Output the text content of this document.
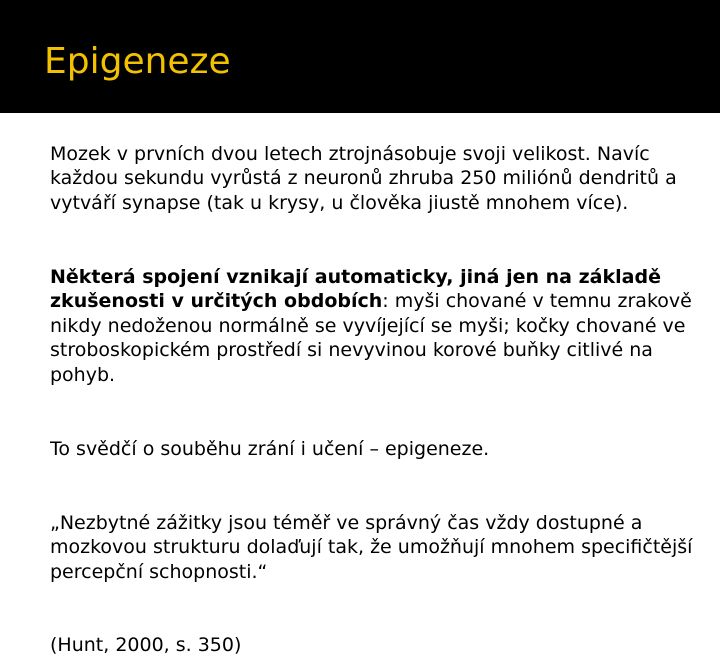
Epigeneze

Mozek v prvních dvou letech ztrojnásobuje svoji velikost. Navíc každou sekundu vyrůstá z neuronů zhruba 250 miliónů dendritů a vytváří synapse (tak u krysy, u člověka jiustě mnohem více).

Některá spojení vznikají automaticky, jiná jen na základě zkušenosti v určitých obdobích: myši chované v temnu zrakově nikdy nedoženou normálně se vyvíjející se myši; kočky chované ve stroboskopickém prostředí si nevyvinou korové buňky citlivé na pohyb.

To svědčí o souběhu zrání i učení – epigeneze.

„Nezbytné zážitky jsou téměř ve správný čas vždy dostupné a mozkovou strukturu dolaďují tak, že umožňují mnohem specifičtější percepční schopnosti.“

(Hunt, 2000, s. 350)
